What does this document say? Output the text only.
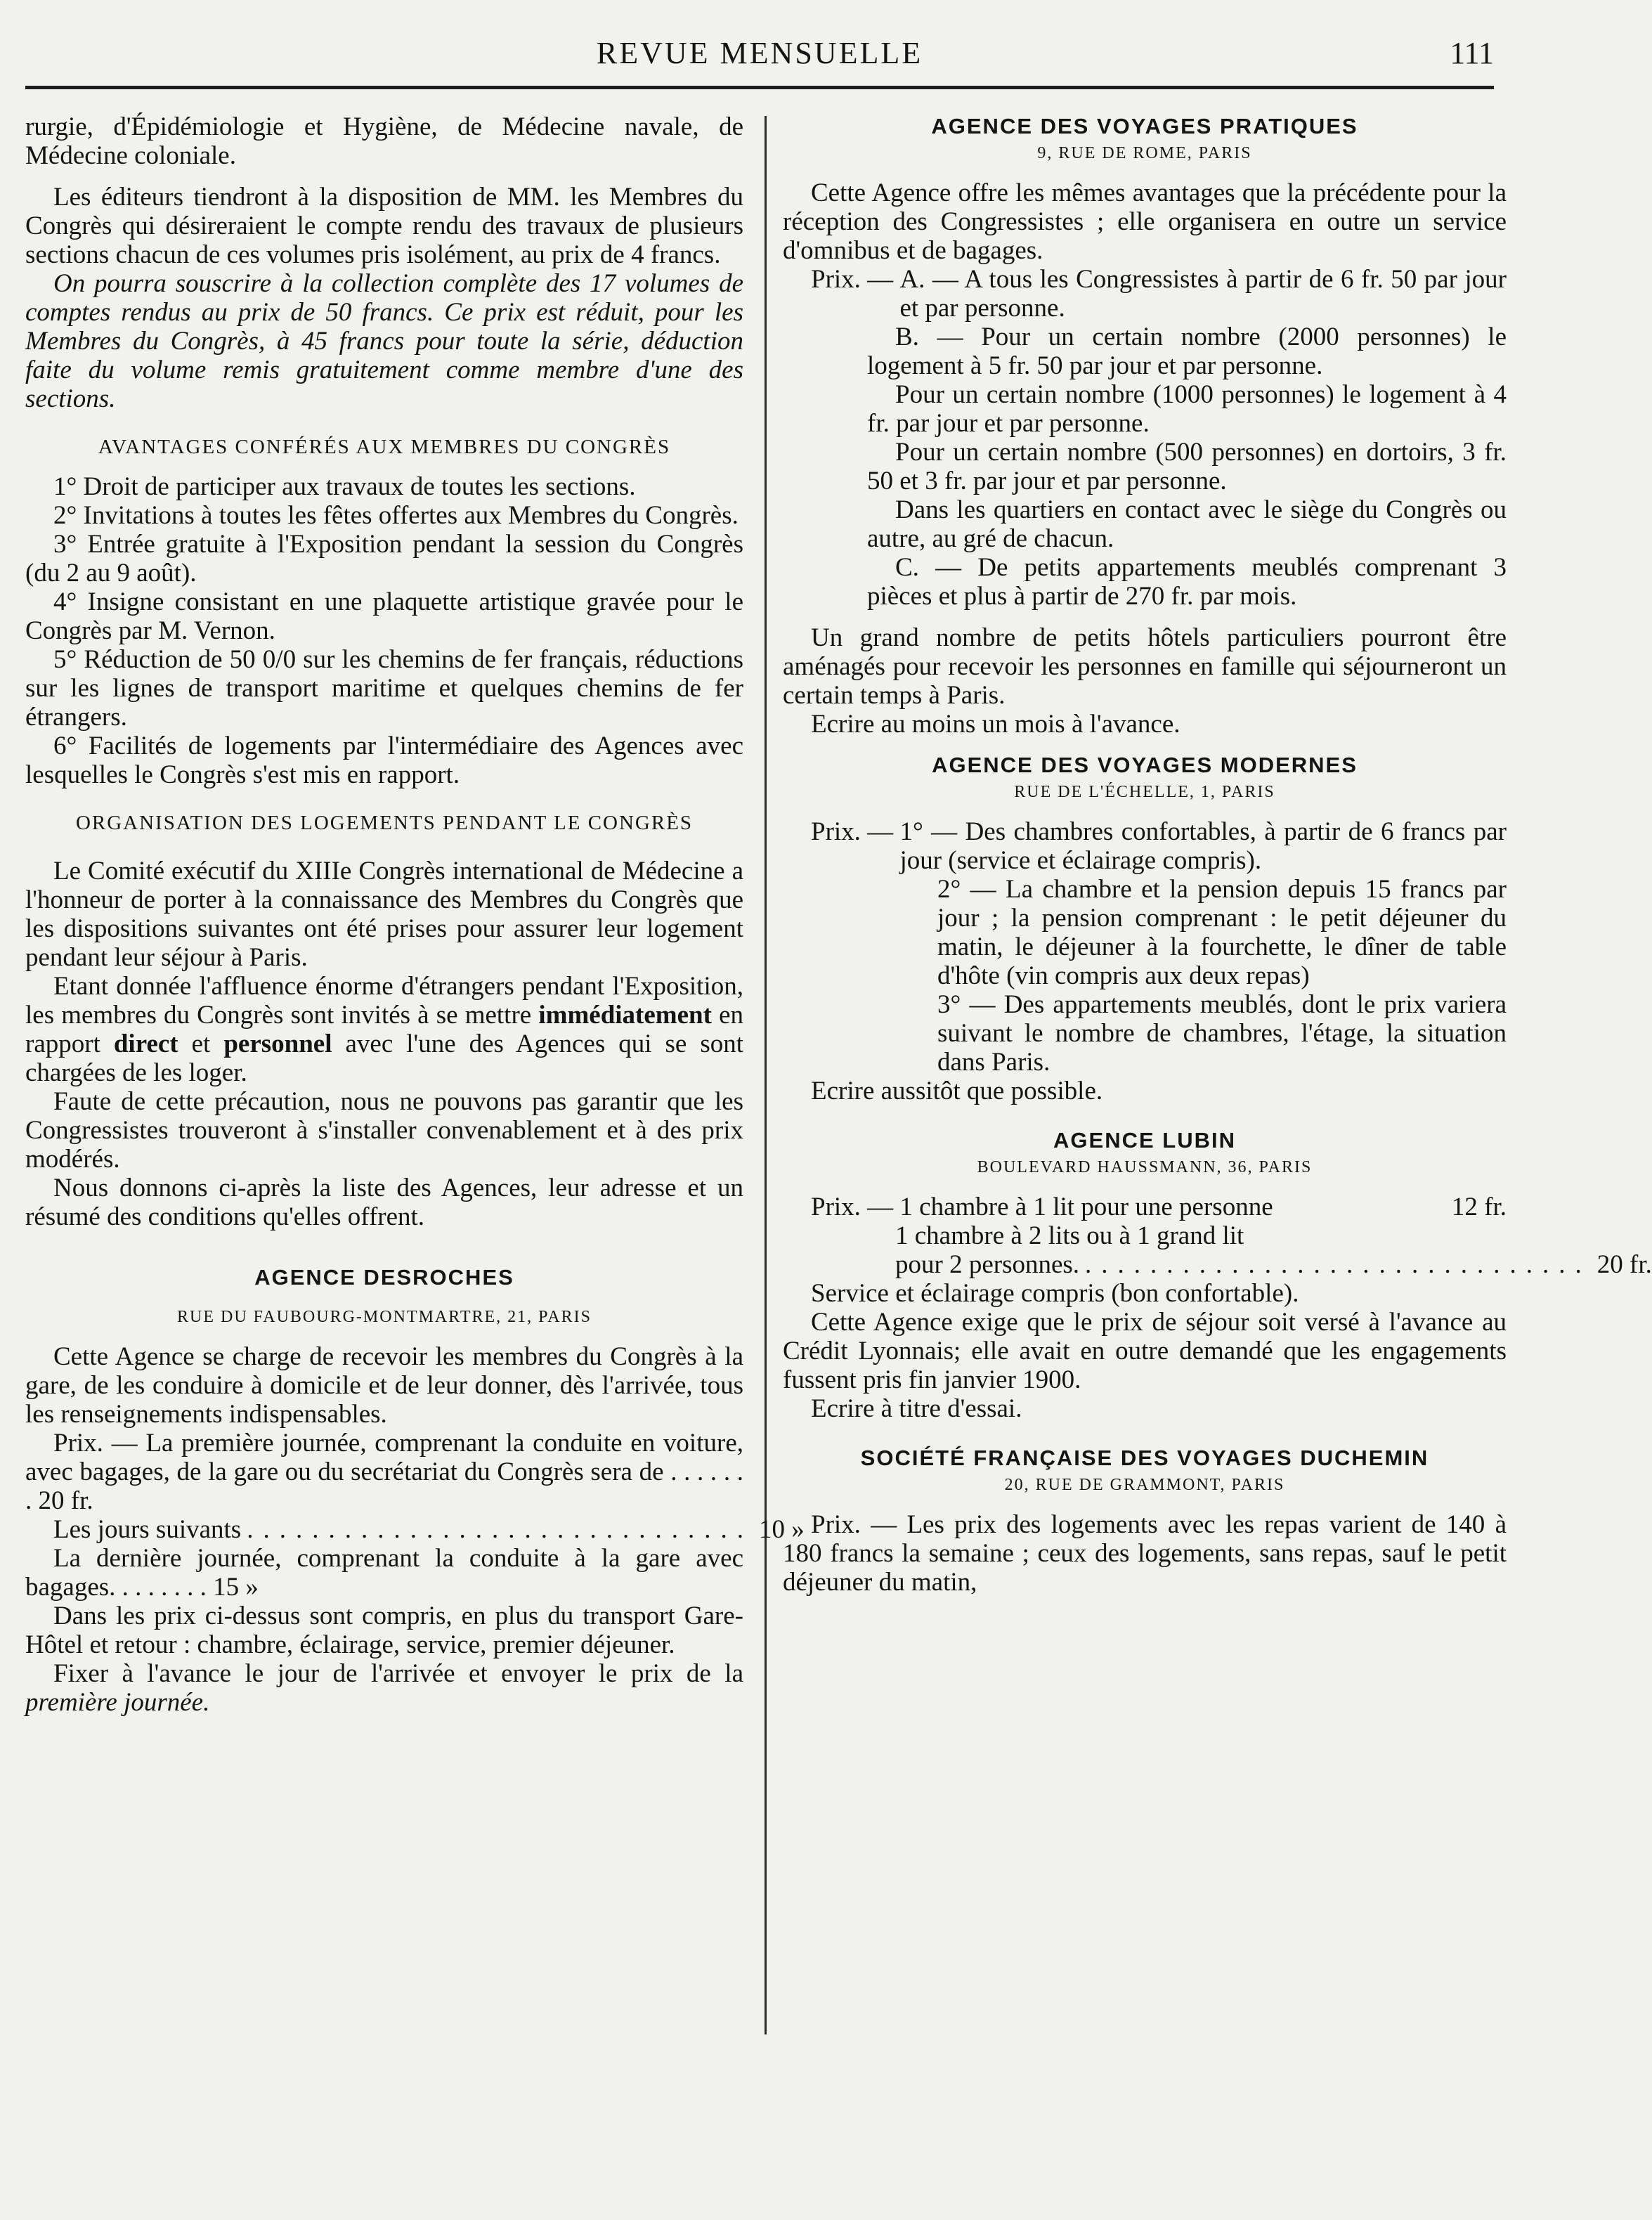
REVUE MENSUELLE	111

rurgie, d'Épidémiologie et Hygiène, de Médecine navale, de Médecine coloniale.

Les éditeurs tiendront à la disposition de MM. les Membres du Congrès qui désireraient le compte rendu des travaux de plusieurs sections chacun de ces volumes pris isolément, au prix de 4 francs.

On pourra souscrire à la collection complète des 17 volumes de comptes rendus au prix de 50 francs. Ce prix est réduit, pour les Membres du Congrès, à 45 francs pour toute la série, déduction faite du volume remis gratuitement comme membre d'une des sections.

AVANTAGES CONFÉRÉS AUX MEMBRES DU CONGRÈS

1° Droit de participer aux travaux de toutes les sections.

2° Invitations à toutes les fêtes offertes aux Membres du Congrès.

3° Entrée gratuite à l'Exposition pendant la session du Congrès (du 2 au 9 août).

4° Insigne consistant en une plaquette artistique gravée pour le Congrès par M. Vernon.

5° Réduction de 50 0/0 sur les chemins de fer français, réductions sur les lignes de transport maritime et quelques chemins de fer étrangers.

6° Facilités de logements par l'intermédiaire des Agences avec lesquelles le Congrès s'est mis en rapport.

ORGANISATION DES LOGEMENTS PENDANT LE CONGRÈS

Le Comité exécutif du XIIIe Congrès international de Médecine a l'honneur de porter à la connaissance des Membres du Congrès que les dispositions suivantes ont été prises pour assurer leur logement pendant leur séjour à Paris.

Etant donnée l'affluence énorme d'étrangers pendant l'Exposition, les membres du Congrès sont invités à se mettre immédiatement en rapport direct et personnel avec l'une des Agences qui se sont chargées de les loger.

Faute de cette précaution, nous ne pouvons pas garantir que les Congressistes trouveront à s'installer convenablement et à des prix modérés.

Nous donnons ci-après la liste des Agences, leur adresse et un résumé des conditions qu'elles offrent.

AGENCE DESROCHES
RUE DU FAUBOURG-MONTMARTRE, 21, PARIS

Cette Agence se charge de recevoir les membres du Congrès à la gare, de les conduire à domicile et de leur donner, dès l'arrivée, tous les renseignements indispensables.

Prix. — La première journée, comprenant la conduite en voiture, avec bagages, de la gare ou du secrétariat du Congrès sera de . . . . . . . 20 fr.

Les jours suivants ............................... 10 »

La dernière journée, comprenant la conduite à la gare avec bagages. . . . . . . . 15 »

Dans les prix ci-dessus sont compris, en plus du transport Gare-Hôtel et retour : chambre, éclairage, service, premier déjeuner.

Fixer à l'avance le jour de l'arrivée et envoyer le prix de la première journée.

AGENCE DES VOYAGES PRATIQUES
9, RUE DE ROME, PARIS

Cette Agence offre les mêmes avantages que la précédente pour la réception des Congressistes ; elle organisera en outre un service d'omnibus et de bagages.

Prix. — A. — A tous les Congressistes à partir de 6 fr. 50 par jour et par personne.

B. — Pour un certain nombre (2000 personnes) le logement à 5 fr. 50 par jour et par personne.

Pour un certain nombre (1000 personnes) le logement à 4 fr. par jour et par personne.

Pour un certain nombre (500 personnes) en dortoirs, 3 fr. 50 et 3 fr. par jour et par personne.

Dans les quartiers en contact avec le siège du Congrès ou autre, au gré de chacun.

C. — De petits appartements meublés comprenant 3 pièces et plus à partir de 270 fr. par mois.

Un grand nombre de petits hôtels particuliers pourront être aménagés pour recevoir les personnes en famille qui séjourneront un certain temps à Paris.

Ecrire au moins un mois à l'avance.

AGENCE DES VOYAGES MODERNES
RUE DE L'ÉCHELLE, 1, PARIS
Prix. — 1° — Des chambres confortables, à partir de 6 francs par jour (service et éclairage compris).

2° — La chambre et la pension depuis 15 francs par jour ; la pension comprenant : le petit déjeuner du matin, le déjeuner à la fourchette, le dîner de table d'hôte (vin compris aux deux repas)

3° — Des appartements meublés, dont le prix variera suivant le nombre de chambres, l'étage, la situation dans Paris.

Ecrire aussitôt que possible.

AGENCE LUBIN
BOULEVARD HAUSSMANN, 36, PARIS
Prix. — 1 chambre à 1 lit pour une personne	12 fr.
1 chambre à 2 lits ou à 1 grand lit
pour 2 personnes. ............................... 20 fr.

Service et éclairage compris (bon confortable).

Cette Agence exige que le prix de séjour soit versé à l'avance au Crédit Lyonnais; elle avait en outre demandé que les engagements fussent pris fin janvier 1900.

Ecrire à titre d'essai.

SOCIÉTÉ FRANÇAISE DES VOYAGES DUCHEMIN
20, RUE DE GRAMMONT, PARIS

Prix. — Les prix des logements avec les repas varient de 140 à 180 francs la semaine ; ceux des logements, sans repas, sauf le petit déjeuner du matin,
